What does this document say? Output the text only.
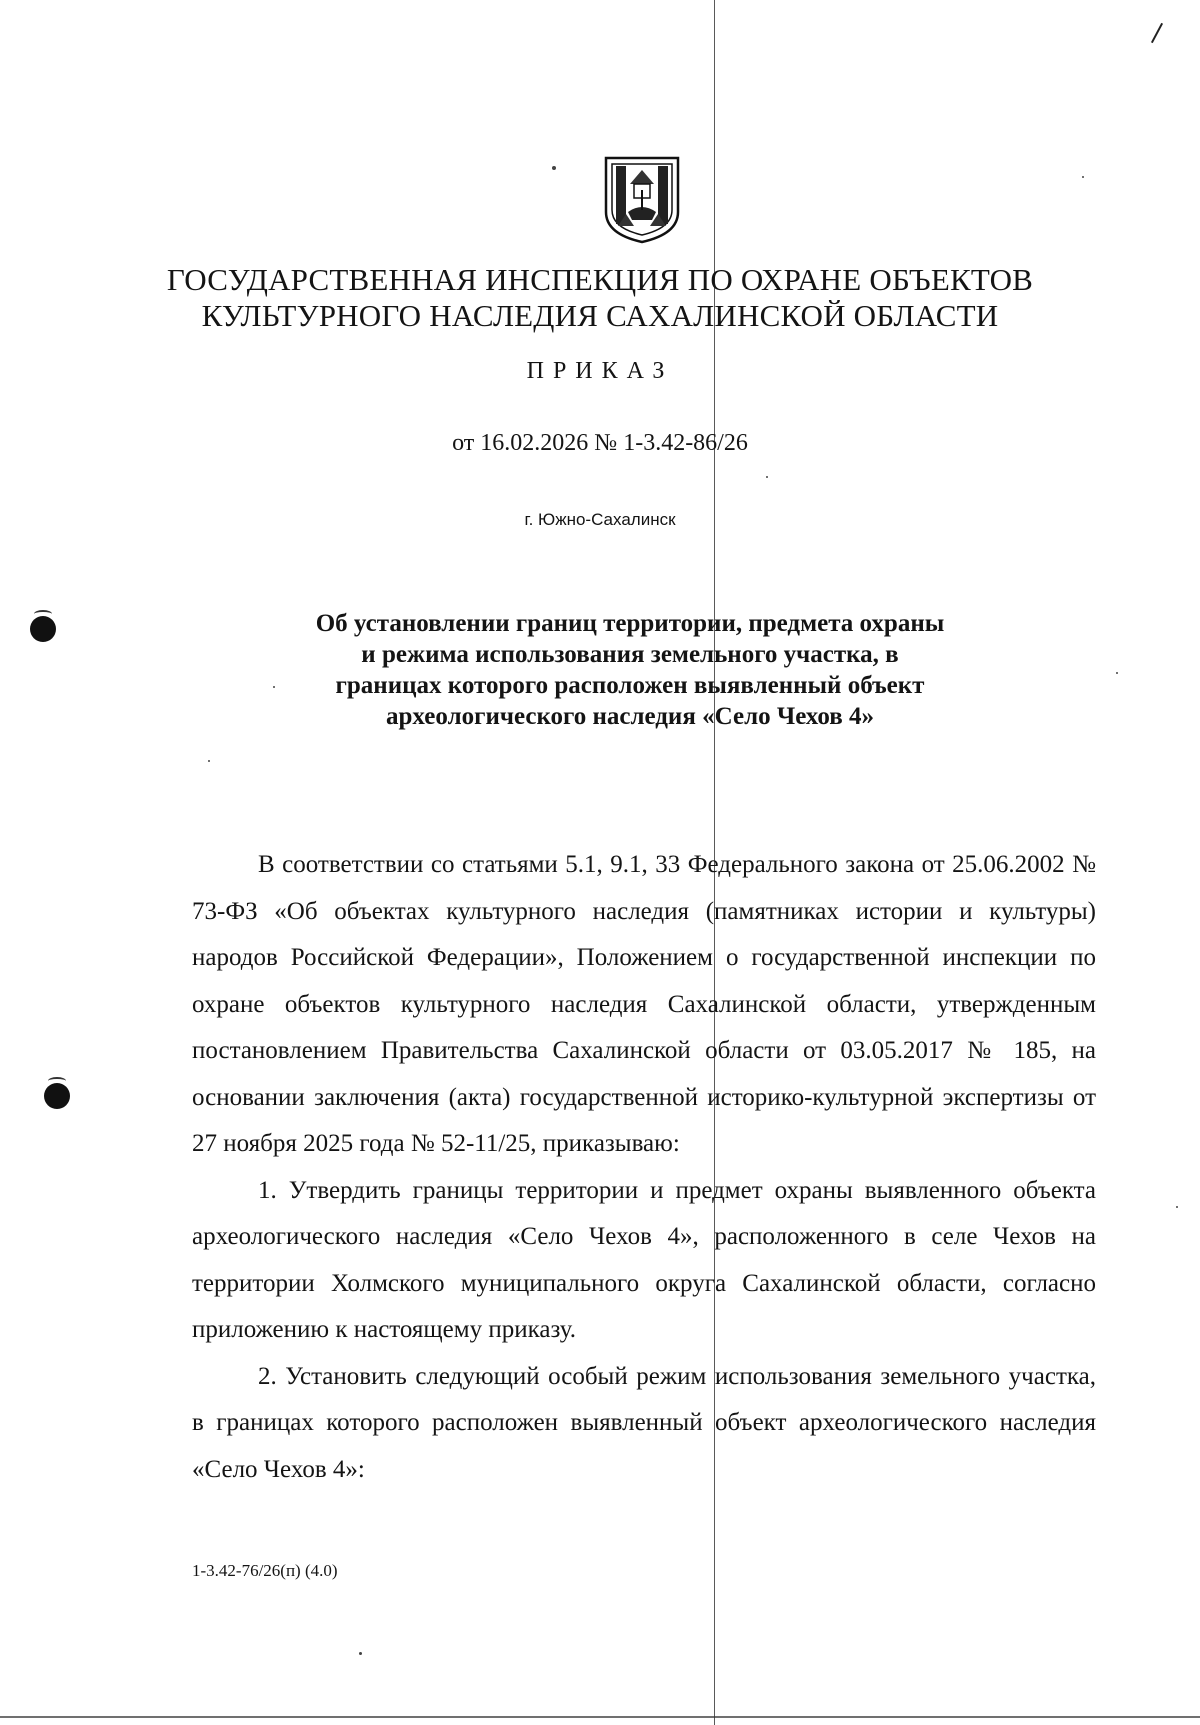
ГОСУДАРСТВЕННАЯ ИНСПЕКЦИЯ ПО ОХРАНЕ ОБЪЕКТОВ
КУЛЬТУРНОГО НАСЛЕДИЯ САХАЛИНСКОЙ ОБЛАСТИ
ПРИКАЗ
от 16.02.2026 № 1-3.42-86/26
г. Южно-Сахалинск
Об установлении границ территории, предмета охраны
и режима использования земельного участка, в
границах которого расположен выявленный объект
археологического наследия «Село Чехов 4»

В соответствии со статьями 5.1, 9.1, 33 Федерального закона от 25.06.2002 № 73-ФЗ «Об объектах культурного наследия (памятниках истории и культуры) народов Российской Федерации», Положением о государственной инспекции по охране объектов культурного наследия Сахалинской области, утвержденным постановлением Правительства Сахалинской области от 03.05.2017 № 185, на основании заключения (акта) государственной историко-культурной экспертизы от 27 ноября 2025 года № 52-11/25, приказываю:

1. Утвердить границы территории и предмет охраны выявленного объекта археологического наследия «Село Чехов 4», расположенного в селе Чехов на территории Холмского муниципального округа Сахалинской области, согласно приложению к настоящему приказу.

2. Установить следующий особый режим использования земельного участка, в границах которого расположен выявленный объект археологического наследия «Село Чехов 4»:

1-3.42-76/26(п) (4.0)
